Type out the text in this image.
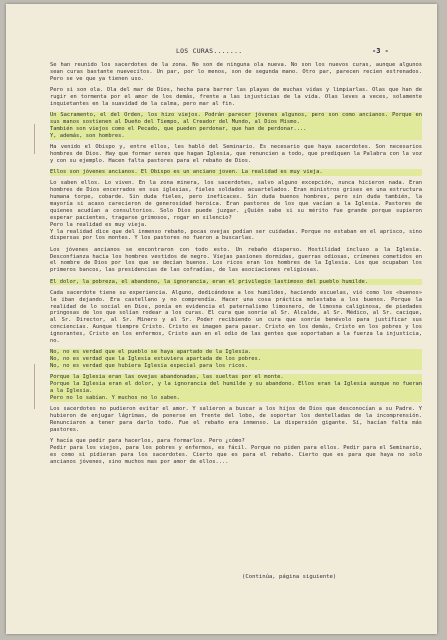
LOS CURAS.......	-3 -

Se han reunido los sacerdotes de la zona. No son de ninguna ola nueva. No son los nuevos curas, aunque algunos sean curas bastante nuevecitos. Un par, por lo menos, son de segunda mano. Otro par, parecen recien estrenados. Pero se ve que ya tienen uso.

Pero si son ola. Ola del mar de Dios, hecha para barrer las playas de muchas vidas y limpiarlas. Olas que han de rugir en tormenta por el amor de los demás, frente a las injusticias de la vida. Olas leves a veces, solamente inquietantes en la suavidad de la calma, pero mar al fin.

Un Sacramento, el del Orden, los hizo viejos. Podrán parecer jóvenes algunos, pero son como ancianos. Porque en sus manos sostienen al Dueño del Tiempo, al Creador del Mundo, al Dios Mismo.
También son viejos como el Pecado, que pueden perdonar, que han de perdonar....
Y, además, son hombres.

Ha venido el Obispo y, entre ellos, les habló del Seminario. Es necesario que haya sacerdotes. Son necesarios hombres de Dios. Hay que formar seres que hagan Iglesia, que renuncien a todo, que prediquen la Palabra con la voz y con su ejemplo. Hacen falta pastores para el rebaño de Dios.

Ellos son jóvenes ancianos. El Obispo es un anciano joven. La realidad es muy vieja.

Lo saben ellos. Lo viven. En la zona minera, los sacerdotes, salvo alguno excepción, nunca hicieron nada. Eran hombres de Dios encerrados en sus iglesias, fieles soldados acuartelados. Eran ministros grises en una estructura humana torpe, cobarde. Sin duda fieles, pero ineficaces. Sin duda buenos hombres, pero sin duda también, la mayoría si acaso carecieron de generosidad heroica. Eran pastores de los que vacían a la Iglesia. Pastores de quienes acudían a consultorios. Solo Dios puede juzgar. ¿Quién sabe si su mérito fue grande porque supieron esperar pacientes, tragarse grimosos, rogar en silencio?
Pero la realidad es muy vieja.
Y la realidad dice que del inmenso rebaño, pocas ovejas podían ser cuidadas. Porque no estaban en el aprisco, sino dispersas por los montes. Y los pastores no fueron a buscarlas.

Los jóvenes ancianos se encontraron con todo esto. Un rebaño disperso. Hostilidad incluso a la Iglesia. Desconfianza hacia los hombres vestidos de negro. Viejas pasiones dormidas, guerras odiosas, crímenes cometidos en el nombre de Dios por los que se decían buenos. Los ricos eran los hombres de la Iglesia. Los que ocupaban los primeros bancos, las presidencias de las cofradías, de las asociaciones religiosas.

El dolor, la pobreza, el abandono, la ignorancia, eran el privilegio lastimoso del pueblo humilde.

Cada sacerdote tiene su experiencia. Alguno, dedicándose a los humildes, haciendo escuelas, vió como los «buenos» le iban dejando. Era castellano y no comprendía. Hacer una cosa práctica molestaba a los buenos. Porque la realidad de lo social en Dios, ponía en evidencia el paternalismo limosnero, de limosna caliginosa, de piedades pringosas de los que solían rodear a los curas. El cura que sonríe al Sr. Alcalde, al Sr. Médico, al Sr. cacique, al Sr. Director, al Sr. Minero y al Sr. Poder recibiendo un cura que sonríe benévolo para justificar sus conciencias. Aunque tiempre Cristo. Cristo es imagen para pasar. Cristo en los demás, Cristo en los pobres y los ignorantes, Cristo en los enfermos, Cristo aun en el odio de las gentes que soportaban a la fuerza la injusticia, no.

No, no es verdad que el pueblo se haya apartado de la Iglesia.
No, no es verdad que la Iglesia estuviera apartada de los pobres.
No, no es verdad que hubiera Iglesia especial para los ricos.

Porque la Iglesia eran las ovejas abandonadas, las sueltas por el monte.
Porque la Iglesia eran el dolor, y la ignorancia del humilde y su abandono. Ellos eran la Iglesia aunque no fueran a la Iglesia.
Pero no lo sabían. Y muchos no lo saben.

Los sacerdotes no pudieron evitar el amor. Y salieron a buscar a los hijos de Dios que desconocían a su Padre. Y hubieron de enjugar lágrimas, de ponerse en frente del lobo, de soportar los dentelladas de la incomprensión. Renunciaron a tener para darlo todo. Fue el rebaño era inmenso. La dispersión gigante. Sí, hacían falta más pastores.

Y hacía que pedir para hacerlos, para formarlos. Pero ¿cómo?
Pedir para los viejos, para los pobres y enfermos, es fácil. Porque no piden para ellos. Pedir para el Seminario, es como si pidieran para los sacerdotes. Cierto que es para el rebaño. Cierto que es para que haya no solo ancianos jóvenes, sino muchos mas por amor de ellos....

(Continúa, página siguiente)
